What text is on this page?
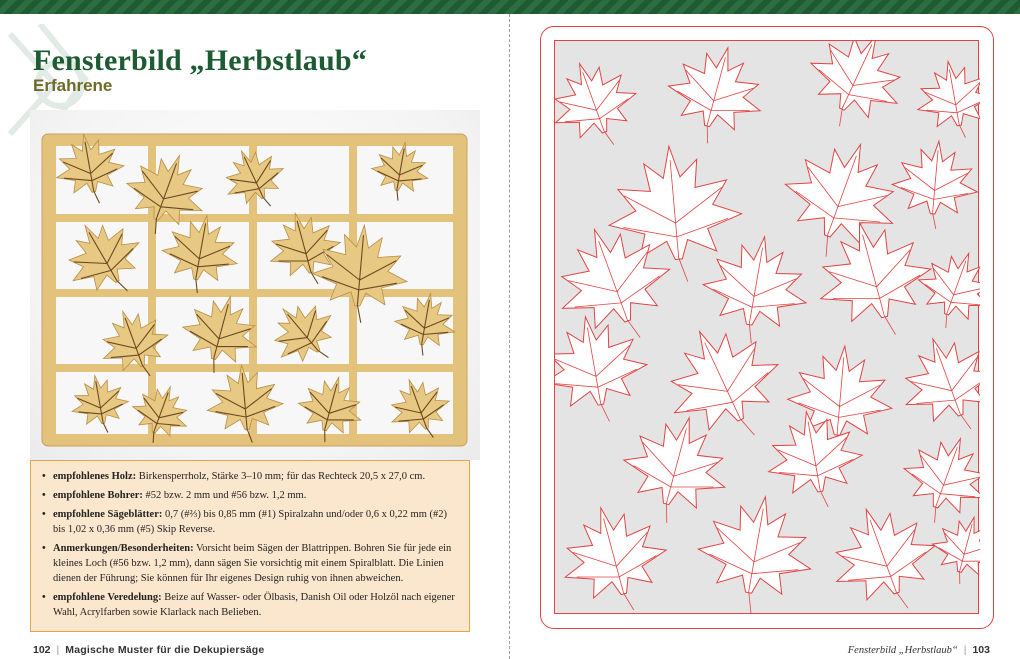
Fensterbild „Herbstlaub“
Erfahrene
• empfohlenes Holz: Birkensperrholz, Stärke 3–10 mm; für das Rechteck 20,5 x 27,0 cm.
• empfohlene Bohrer: #52 bzw. 2 mm und #56 bzw. 1,2 mm.
• empfohlene Sägeblätter: 0,7 (#⅔) bis 0,85 mm (#1) Spiralzahn und/oder 0,6 x 0,22 mm (#2) bis 1,02 x 0,36 mm (#5) Skip Reverse.
• Anmerkungen/Besonderheiten: Vorsicht beim Sägen der Blattrippen. Bohren Sie für jede ein kleines Loch (#56 bzw. 1,2 mm), dann sägen Sie vorsichtig mit einem Spiralblatt. Die Linien dienen der Führung; Sie können für Ihr eigenes Design ruhig von ihnen abweichen.
• empfohlene Veredelung: Beize auf Wasser- oder Ölbasis, Danish Oil oder Holzöl nach eigener Wahl, Acrylfarben sowie Klarlack nach Belieben.
102 | Magische Muster für die Dekupiersäge	Fensterbild „Herbstlaub“ | 103
